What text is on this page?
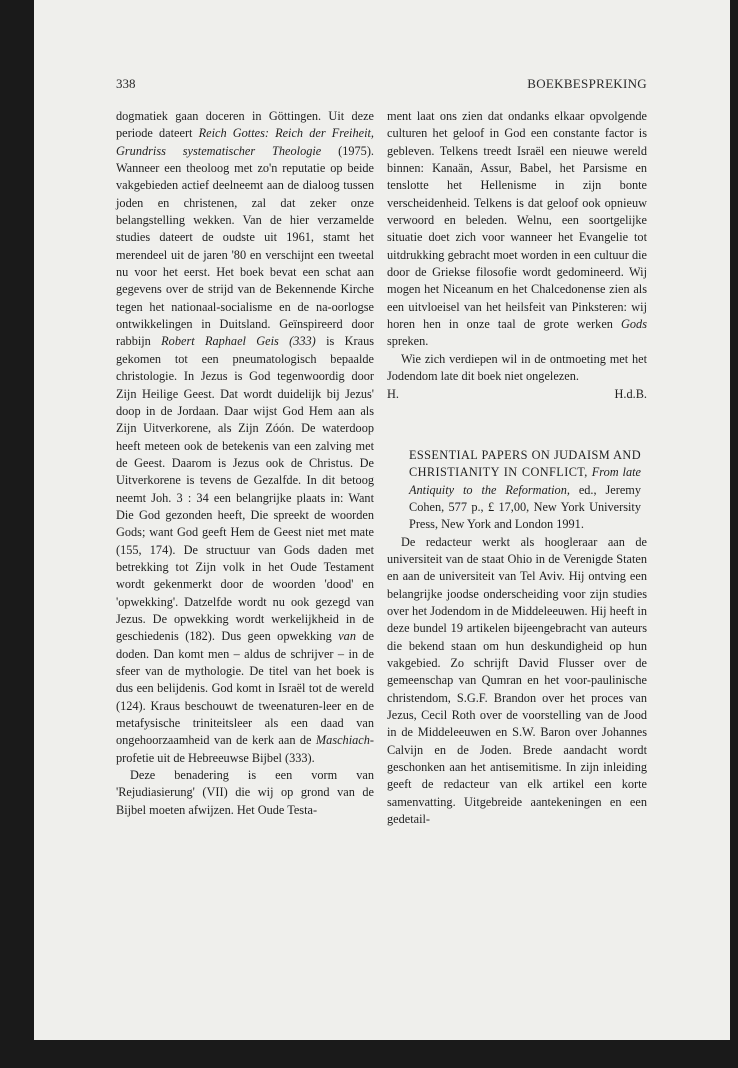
338	BOEKBESPREKING

dogmatiek gaan doceren in Göttingen. Uit deze periode dateert Reich Gottes: Reich der Freiheit, Grundriss systematischer Theologie (1975). Wanneer een theoloog met zo'n reputatie op beide vakgebieden actief deelneemt aan de dialoog tussen joden en christenen, zal dat zeker onze belangstelling wekken. Van de hier verzamelde studies dateert de oudste uit 1961, stamt het merendeel uit de jaren '80 en verschijnt een tweetal nu voor het eerst. Het boek bevat een schat aan gegevens over de strijd van de Bekennende Kirche tegen het nationaal-socialisme en de na-oorlogse ontwikkelingen in Duitsland. Geïnspireerd door rabbijn Robert Raphael Geis (333) is Kraus gekomen tot een pneumatologisch bepaalde christologie. In Jezus is God tegenwoordig door Zijn Heilige Geest. Dat wordt duidelijk bij Jezus' doop in de Jordaan. Daar wijst God Hem aan als Zijn Uitverkorene, als Zijn Zóón. De waterdoop heeft meteen ook de betekenis van een zalving met de Geest. Daarom is Jezus ook de Christus. De Uitverkorene is tevens de Gezalfde. In dit betoog neemt Joh. 3 : 34 een belangrijke plaats in: Want Die God gezonden heeft, Die spreekt de woorden Gods; want God geeft Hem de Geest niet met mate (155, 174). De structuur van Gods daden met betrekking tot Zijn volk in het Oude Testament wordt gekenmerkt door de woorden 'dood' en 'opwekking'. Datzelfde wordt nu ook gezegd van Jezus. De opwekking wordt werkelijkheid in de geschiedenis (182). Dus geen opwekking van de doden. Dan komt men – aldus de schrijver – in de sfeer van de mythologie. De titel van het boek is dus een belijdenis. God komt in Israël tot de wereld (124). Kraus beschouwt de tweenaturen-leer en de metafysische triniteitsleer als een daad van ongehoorzaamheid van de kerk aan de Maschiach-profetie uit de Hebreeuwse Bijbel (333).

Deze benadering is een vorm van 'Rejudiasierung' (VII) die wij op grond van de Bijbel moeten afwijzen. Het Oude Testa-

ment laat ons zien dat ondanks elkaar opvolgende culturen het geloof in God een constante factor is gebleven. Telkens treedt Israël een nieuwe wereld binnen: Kanaän, Assur, Babel, het Parsisme en tenslotte het Hellenisme in zijn bonte verscheidenheid. Telkens is dat geloof ook opnieuw verwoord en beleden. Welnu, een soortgelijke situatie doet zich voor wanneer het Evangelie tot uitdrukking gebracht moet worden in een cultuur die door de Griekse filosofie wordt gedomineerd. Wij mogen het Niceanum en het Chalcedonense zien als een uitvloeisel van het heilsfeit van Pinksteren: wij horen hen in onze taal de grote werken Gods spreken.

Wie zich verdiepen wil in de ontmoeting met het Jodendom late dit boek niet ongelezen.

H.	H.d.B.
ESSENTIAL PAPERS ON JUDAISM AND CHRISTIANITY IN CONFLICT, From late Antiquity to the Reformation, ed., Jeremy Cohen, 577 p., £ 17,00, New York University Press, New York and London 1991.

De redacteur werkt als hoogleraar aan de universiteit van de staat Ohio in de Verenigde Staten en aan de universiteit van Tel Aviv. Hij ontving een belangrijke joodse onderscheiding voor zijn studies over het Jodendom in de Middeleeuwen. Hij heeft in deze bundel 19 artikelen bijeengebracht van auteurs die bekend staan om hun deskundigheid op hun vakgebied. Zo schrijft David Flusser over de gemeenschap van Qumran en het voor-paulinische christendom, S.G.F. Brandon over het proces van Jezus, Cecil Roth over de voorstelling van de Jood in de Middeleeuwen en S.W. Baron over Johannes Calvijn en de Joden. Brede aandacht wordt geschonken aan het antisemitisme. In zijn inleiding geeft de redacteur van elk artikel een korte samenvatting. Uitgebreide aantekeningen en een gedetail-
